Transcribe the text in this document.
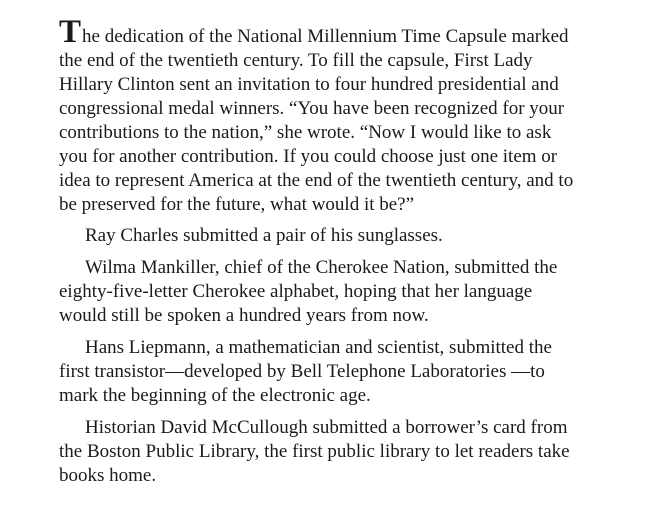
The dedication of the National Millennium Time Capsule marked the end of the twentieth century. To fill the capsule, First Lady Hillary Clinton sent an invitation to four hundred presidential and congressional medal winners. “You have been recognized for your contributions to the nation,” she wrote. “Now I would like to ask you for another contribution. If you could choose just one item or idea to represent America at the end of the twentieth century, and to be preserved for the future, what would it be?”

Ray Charles submitted a pair of his sunglasses.

Wilma Mankiller, chief of the Cherokee Nation, submitted the eighty-five-letter Cherokee alphabet, hoping that her language would still be spoken a hundred years from now.

Hans Liepmann, a mathematician and scientist, submitted the first transistor—developed by Bell Telephone Laboratories —to mark the beginning of the electronic age.

Historian David McCullough submitted a borrower’s card from the Boston Public Library, the first public library to let readers take books home.
